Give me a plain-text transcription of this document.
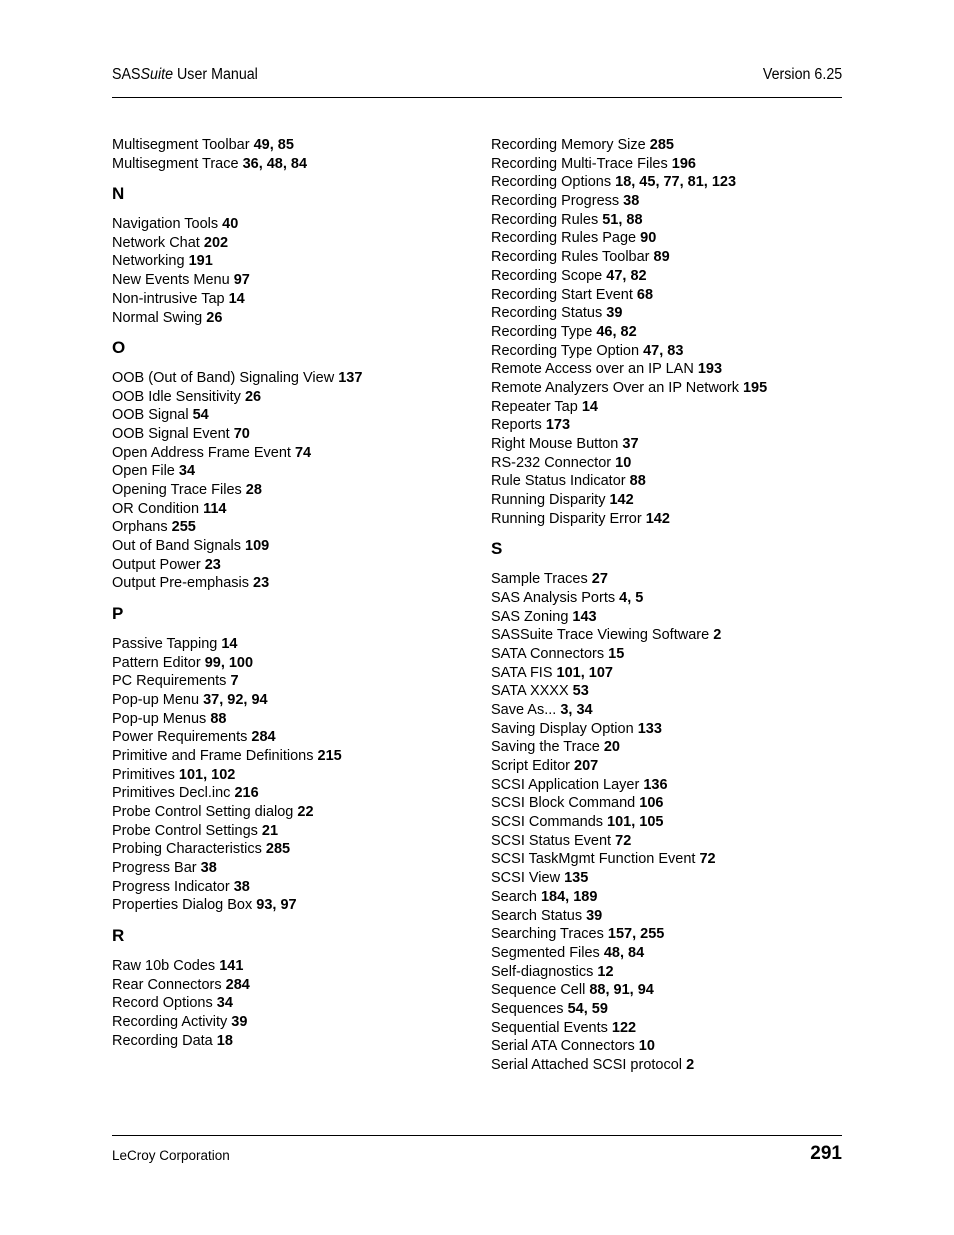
SASSuite User Manual	Version 6.25
Multisegment Toolbar 49, 85
Multisegment Trace 36, 48, 84
N
Navigation Tools 40
Network Chat 202
Networking 191
New Events Menu 97
Non-intrusive Tap 14
Normal Swing 26
O
OOB (Out of Band) Signaling View 137
OOB Idle Sensitivity 26
OOB Signal 54
OOB Signal Event 70
Open Address Frame Event 74
Open File 34
Opening Trace Files 28
OR Condition 114
Orphans 255
Out of Band Signals 109
Output Power 23
Output Pre-emphasis 23
P
Passive Tapping 14
Pattern Editor 99, 100
PC Requirements 7
Pop-up Menu 37, 92, 94
Pop-up Menus 88
Power Requirements 284
Primitive and Frame Definitions 215
Primitives 101, 102
Primitives Decl.inc 216
Probe Control Setting dialog 22
Probe Control Settings 21
Probing Characteristics 285
Progress Bar 38
Progress Indicator 38
Properties Dialog Box 93, 97
R
Raw 10b Codes 141
Rear Connectors 284
Record Options 34
Recording Activity 39
Recording Data 18
Recording Memory Size 285
Recording Multi-Trace Files 196
Recording Options 18, 45, 77, 81, 123
Recording Progress 38
Recording Rules 51, 88
Recording Rules Page 90
Recording Rules Toolbar 89
Recording Scope 47, 82
Recording Start Event 68
Recording Status 39
Recording Type 46, 82
Recording Type Option 47, 83
Remote Access over an IP LAN 193
Remote Analyzers Over an IP Network 195
Repeater Tap 14
Reports 173
Right Mouse Button 37
RS-232 Connector 10
Rule Status Indicator 88
Running Disparity 142
Running Disparity Error 142
S
Sample Traces 27
SAS Analysis Ports 4, 5
SAS Zoning 143
SASSuite Trace Viewing Software 2
SATA Connectors 15
SATA FIS 101, 107
SATA XXXX 53
Save As... 3, 34
Saving Display Option 133
Saving the Trace 20
Script Editor 207
SCSI Application Layer 136
SCSI Block Command 106
SCSI Commands 101, 105
SCSI Status Event 72
SCSI TaskMgmt Function Event 72
SCSI View 135
Search 184, 189
Search Status 39
Searching Traces 157, 255
Segmented Files 48, 84
Self-diagnostics 12
Sequence Cell 88, 91, 94
Sequences 54, 59
Sequential Events 122
Serial ATA Connectors 10
Serial Attached SCSI protocol 2
LeCroy Corporation	291
